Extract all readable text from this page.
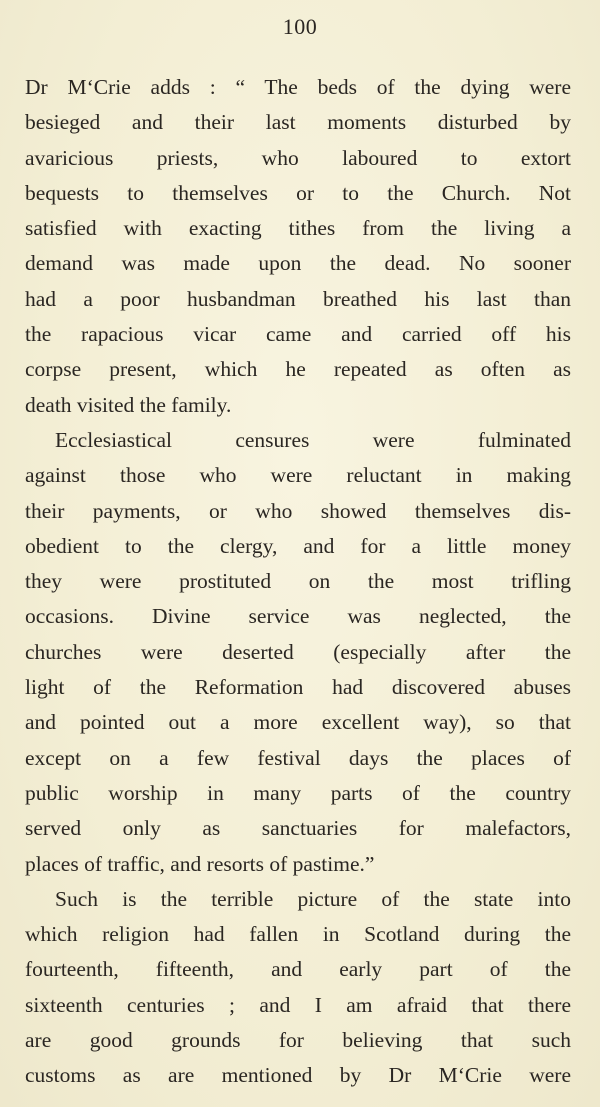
100
Dr M‘Crie adds : “ The beds of the dying were
besieged and their last moments disturbed by
avaricious priests, who laboured to extort
bequests to themselves or to the Church. Not
satisfied with exacting tithes from the living a
demand was made upon the dead. No sooner
had a poor husbandman breathed his last than
the rapacious vicar came and carried off his
corpse present, which he repeated as often as
death visited the family.
Ecclesiastical censures were fulminated
against those who were reluctant in making
their payments, or who showed themselves dis-
obedient to the clergy, and for a little money
they were prostituted on the most trifling
occasions. Divine service was neglected, the
churches were deserted (especially after the
light of the Reformation had discovered abuses
and pointed out a more excellent way), so that
except on a few festival days the places of
public worship in many parts of the country
served only as sanctuaries for malefactors,
places of traffic, and resorts of pastime.”
Such is the terrible picture of the state into
which religion had fallen in Scotland during the
fourteenth, fifteenth, and early part of the
sixteenth centuries ; and I am afraid that there
are good grounds for believing that such
customs as are mentioned by Dr M‘Crie were
